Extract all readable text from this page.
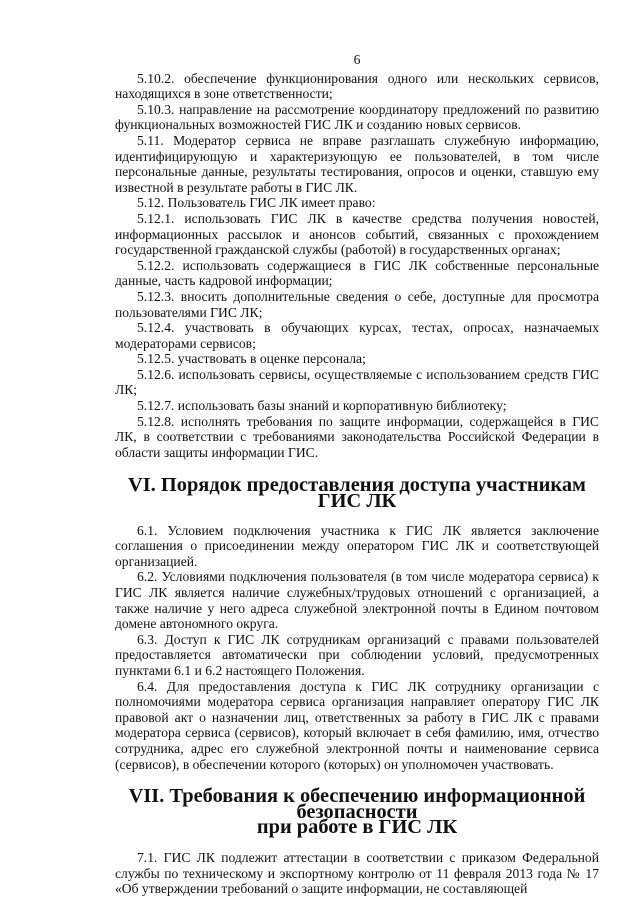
6

5.10.2. обеспечение функционирования одного или нескольких сервисов, находящихся в зоне ответственности;

5.10.3. направление на рассмотрение координатору предложений по развитию функциональных возможностей ГИС ЛК и созданию новых сервисов.

5.11. Модератор сервиса не вправе разглашать служебную информацию, идентифицирующую и характеризующую ее пользователей, в том числе персональные данные, результаты тестирования, опросов и оценки, ставшую ему известной в результате работы в ГИС ЛК.

5.12. Пользователь ГИС ЛК имеет право:

5.12.1. использовать ГИС ЛК в качестве средства получения новостей, информационных рассылок и анонсов событий, связанных с прохождением государственной гражданской службы (работой) в государственных органах;

5.12.2. использовать содержащиеся в ГИС ЛК собственные персональные данные, часть кадровой информации;

5.12.3. вносить дополнительные сведения о себе, доступные для просмотра пользователями ГИС ЛК;

5.12.4. участвовать в обучающих курсах, тестах, опросах, назначаемых модераторами сервисов;

5.12.5. участвовать в оценке персонала;

5.12.6. использовать сервисы, осуществляемые с использованием средств ГИС ЛК;

5.12.7. использовать базы знаний и корпоративную библиотеку;

5.12.8. исполнять требования по защите информации, содержащейся в ГИС ЛК, в соответствии с требованиями законодательства Российской Федерации в области защиты информации ГИС.

VI. Порядок предоставления доступа участникам ГИС ЛК

6.1. Условием подключения участника к ГИС ЛК является заключение соглашения о присоединении между оператором ГИС ЛК и соответствующей организацией.

6.2. Условиями подключения пользователя (в том числе модератора сервиса) к ГИС ЛК является наличие служебных/трудовых отношений с организацией, а также наличие у него адреса служебной электронной почты в Едином почтовом домене автономного округа.

6.3. Доступ к ГИС ЛК сотрудникам организаций с правами пользователей предоставляется автоматически при соблюдении условий, предусмотренных пунктами 6.1 и 6.2 настоящего Положения.

6.4. Для предоставления доступа к ГИС ЛК сотруднику организации с полномочиями модератора сервиса организация направляет оператору ГИС ЛК правовой акт о назначении лиц, ответственных за работу в ГИС ЛК с правами модератора сервиса (сервисов), который включает в себя фамилию, имя, отчество сотрудника, адрес его служебной электронной почты и наименование сервиса (сервисов), в обеспечении которого (которых) он уполномочен участвовать.

VII. Требования к обеспечению информационной безопасности
при работе в ГИС ЛК

7.1. ГИС ЛК подлежит аттестации в соответствии с приказом Федеральной службы по техническому и экспортному контролю от 11 февраля 2013 года № 17 «Об утверждении требований о защите информации, не составляющей
